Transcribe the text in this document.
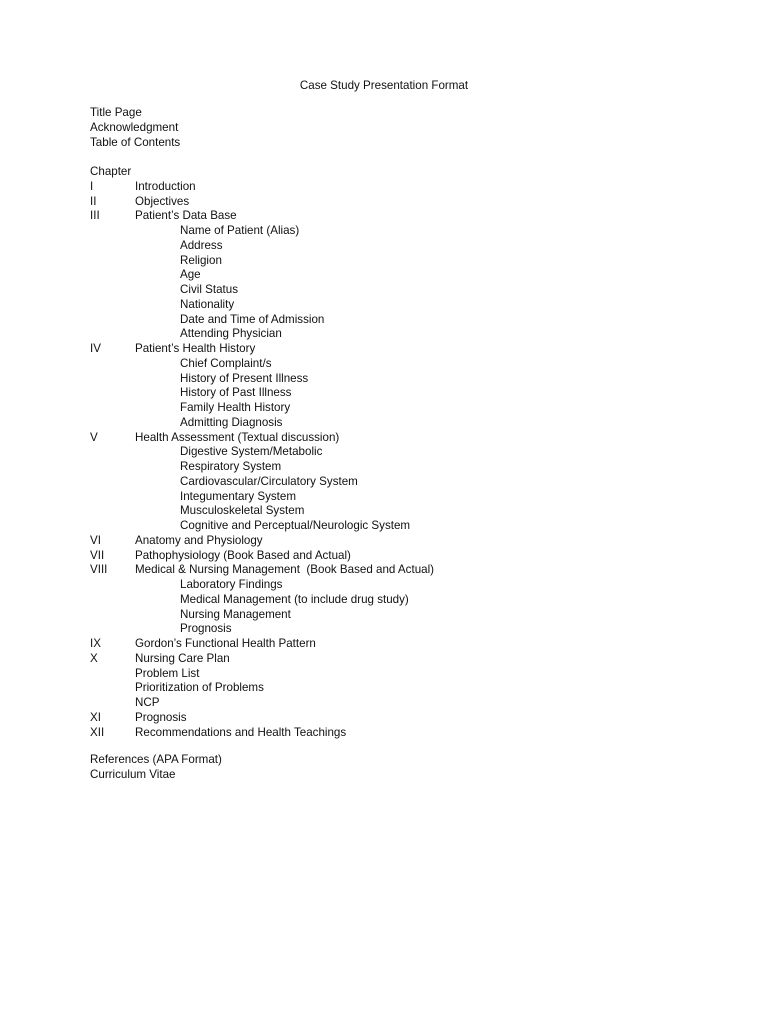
Case Study Presentation Format
Title Page
Acknowledgment
Table of Contents
Chapter
I	Introduction
II	Objectives
III	Patient’s Data Base
Name of Patient (Alias)
Address
Religion
Age
Civil Status
Nationality
Date and Time of Admission
Attending Physician
IV	Patient’s Health History
Chief Complaint/s
History of Present Illness
History of Past Illness
Family Health History
Admitting Diagnosis
V	Health Assessment (Textual discussion)
Digestive System/Metabolic
Respiratory System
Cardiovascular/Circulatory System
Integumentary System
Musculoskeletal System
Cognitive and Perceptual/Neurologic System
VI	Anatomy and Physiology
VII	Pathophysiology (Book Based and Actual)
VIII Medical & Nursing Management  (Book Based and Actual)
Laboratory Findings
Medical Management (to include drug study)
Nursing Management
Prognosis
IX	Gordon’s Functional Health Pattern
X	Nursing Care Plan
Problem List
Prioritization of Problems
NCP
XI	Prognosis
XII	Recommendations and Health Teachings
References (APA Format)
Curriculum Vitae
